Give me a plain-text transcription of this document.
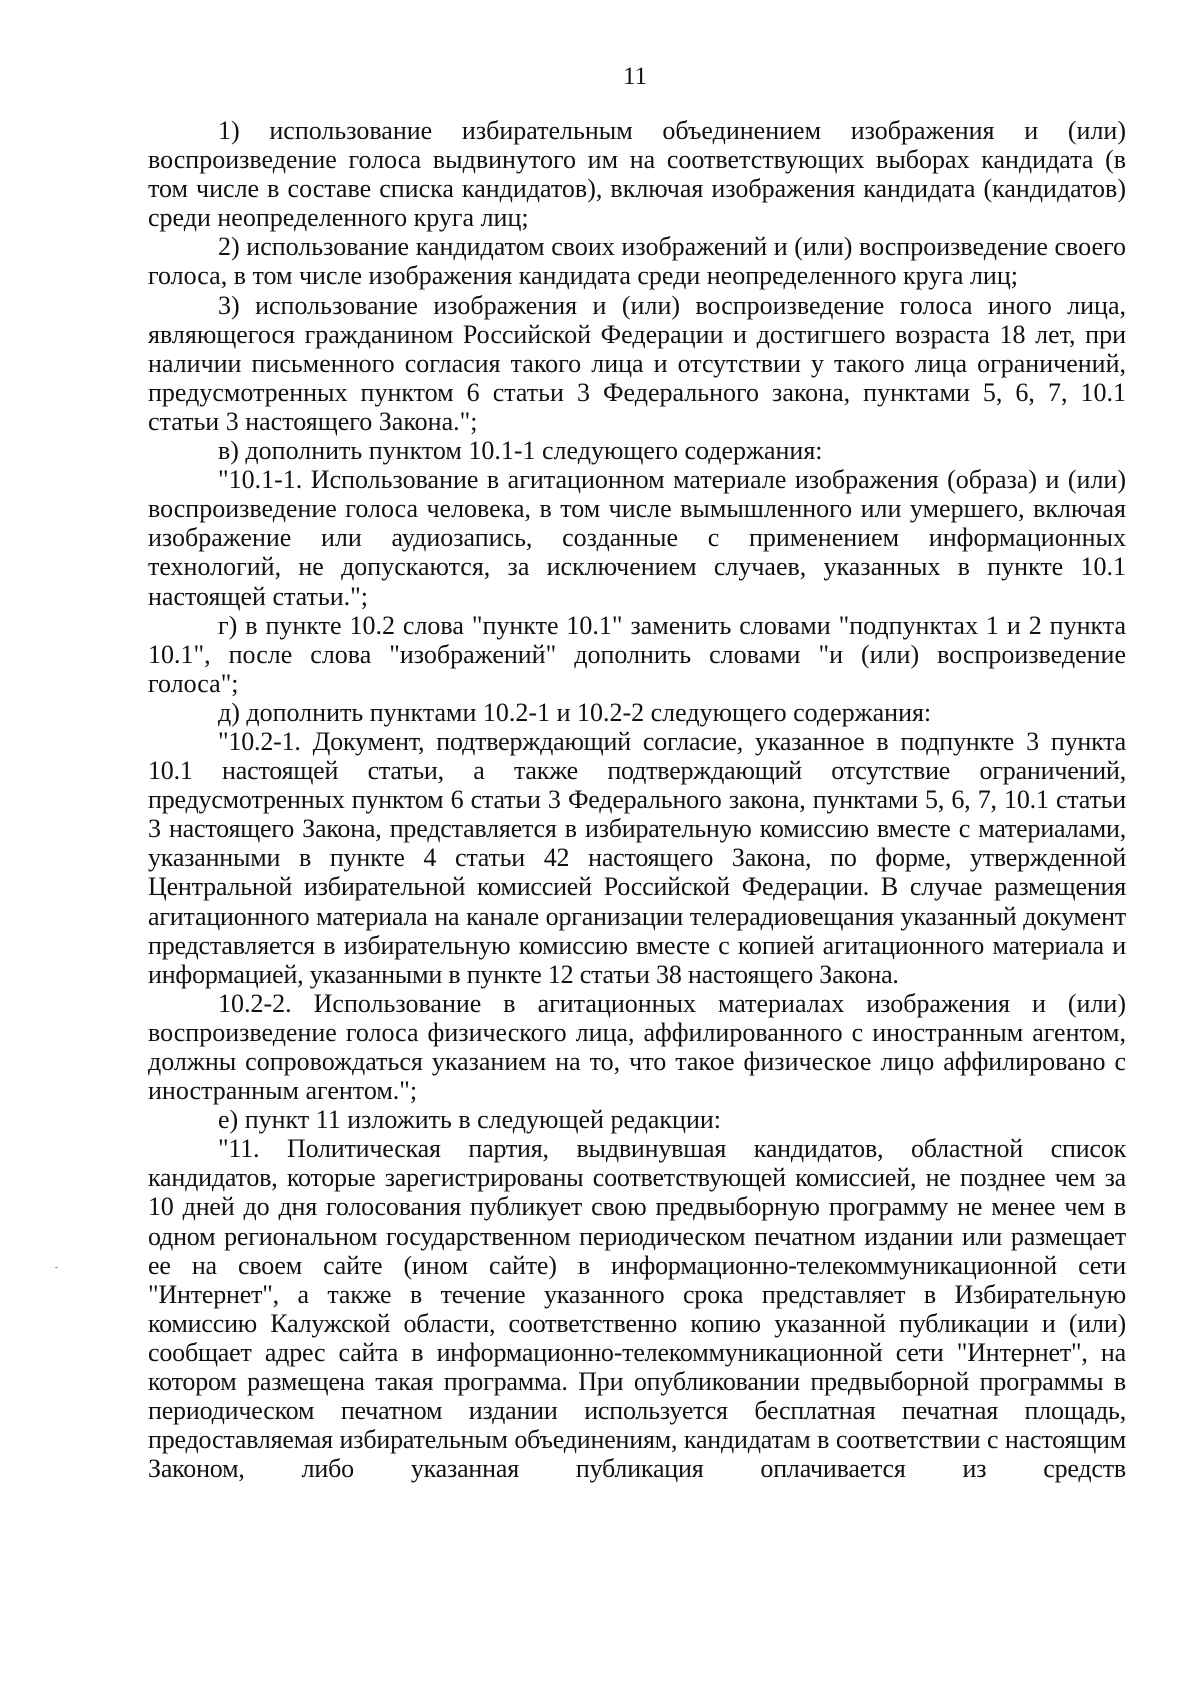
11

1) использование избирательным объединением изображения и (или) воспроизведение голоса выдвинутого им на соответствующих выборах кандидата (в том числе в составе списка кандидатов), включая изображения кандидата (кандидатов) среди неопределенного круга лиц;

2) использование кандидатом своих изображений и (или) воспроизведение своего голоса, в том числе изображения кандидата среди неопределенного круга лиц;

3) использование изображения и (или) воспроизведение голоса иного лица, являющегося гражданином Российской Федерации и достигшего возраста 18 лет, при наличии письменного согласия такого лица и отсутствии у такого лица ограничений, предусмотренных пунктом 6 статьи 3 Федерального закона, пунктами 5, 6, 7, 10.1 статьи 3 настоящего Закона.";

в) дополнить пунктом 10.1-1 следующего содержания:

"10.1-1. Использование в агитационном материале изображения (образа) и (или) воспроизведение голоса человека, в том числе вымышленного или умершего, включая изображение или аудиозапись, созданные с применением информационных технологий, не допускаются, за исключением случаев, указанных в пункте 10.1 настоящей статьи.";

г) в пункте 10.2 слова "пункте 10.1" заменить словами "подпунктах 1 и 2 пункта 10.1", после слова "изображений" дополнить словами "и (или) воспроизведение голоса";

д) дополнить пунктами 10.2-1 и 10.2-2 следующего содержания:

"10.2-1. Документ, подтверждающий согласие, указанное в подпункте 3 пункта 10.1 настоящей статьи, а также подтверждающий отсутствие ограничений, предусмотренных пунктом 6 статьи 3 Федерального закона, пунктами 5, 6, 7, 10.1 статьи 3 настоящего Закона, представляется в избирательную комиссию вместе с материалами, указанными в пункте 4 статьи 42 настоящего Закона, по форме, утвержденной Центральной избирательной комиссией Российской Федерации. В случае размещения агитационного материала на канале организации телерадиовещания указанный документ представляется в избирательную комиссию вместе с копией агитационного материала и информацией, указанными в пункте 12 статьи 38 настоящего Закона.

10.2-2. Использование в агитационных материалах изображения и (или) воспроизведение голоса физического лица, аффилированного с иностранным агентом, должны сопровождаться указанием на то, что такое физическое лицо аффилировано с иностранным агентом.";

е) пункт 11 изложить в следующей редакции:

"11. Политическая партия, выдвинувшая кандидатов, областной список кандидатов, которые зарегистрированы соответствующей комиссией, не позднее чем за 10 дней до дня голосования публикует свою предвыборную программу не менее чем в одном региональном государственном периодическом печатном издании или размещает ее на своем сайте (ином сайте) в информационно-телекоммуникационной сети "Интернет", а также в течение указанного срока представляет в Избирательную комиссию Калужской области, соответственно копию указанной публикации и (или) сообщает адрес сайта в информационно-телекоммуникационной сети "Интернет", на котором размещена такая программа. При опубликовании предвыборной программы в периодическом печатном издании используется бесплатная печатная площадь, предоставляемая избирательным объединениям, кандидатам в соответствии с настоящим Законом, либо указанная публикация оплачивается из средств
